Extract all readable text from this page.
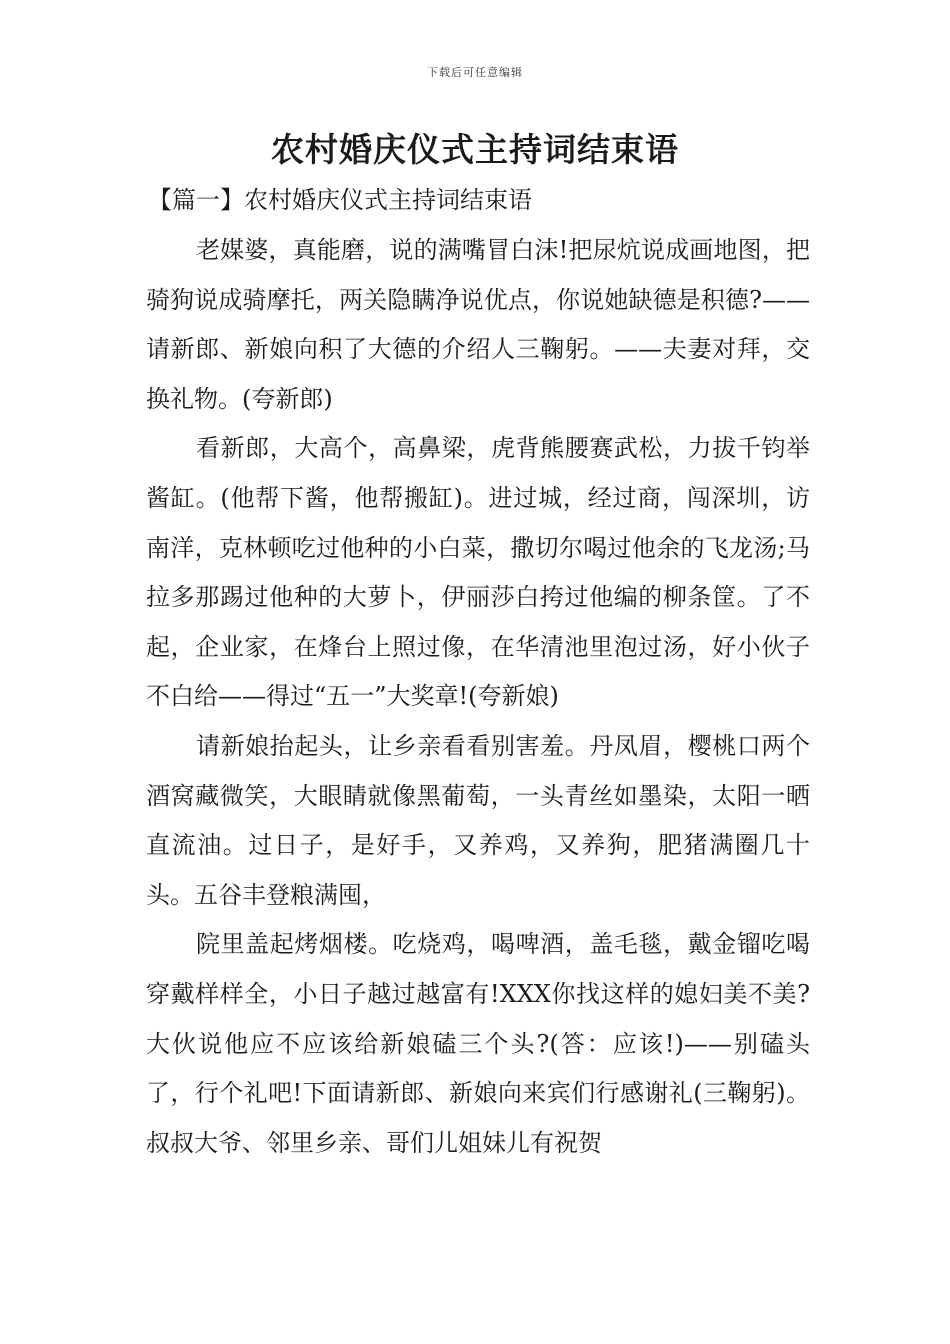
下载后可任意编辑
农村婚庆仪式主持词结束语
【篇一】农村婚庆仪式主持词结束语

老媒婆，真能磨，说的满嘴冒白沫!把尿炕说成画地图，把骑狗说成骑摩托，两关隐瞒净说优点，你说她缺德是积德?——请新郎、新娘向积了大德的介绍人三鞠躬。——夫妻对拜，交换礼物。(夸新郎)

看新郎，大高个，高鼻梁，虎背熊腰赛武松，力拔千钧举酱缸。(他帮下酱，他帮搬缸)。进过城，经过商，闯深圳，访南洋，克林顿吃过他种的小白菜，撒切尔喝过他余的飞龙汤;马拉多那踢过他种的大萝卜，伊丽莎白挎过他编的柳条筐。了不起，企业家，在烽台上照过像，在华清池里泡过汤，好小伙子不白给——得过“五一”大奖章!(夸新娘)

请新娘抬起头，让乡亲看看别害羞。丹凤眉，樱桃口两个酒窝藏微笑，大眼睛就像黑葡萄，一头青丝如墨染，太阳一晒直流油。过日子，是好手，又养鸡，又养狗，肥猪满圈几十头。五谷丰登粮满囤，

院里盖起烤烟楼。吃烧鸡，喝啤酒，盖毛毯，戴金镏吃喝穿戴样样全，小日子越过越富有!XXX你找这样的媳妇美不美?大伙说他应不应该给新娘磕三个头?(答：应该!)——别磕头了，行个礼吧!下面请新郎、新娘向来宾们行感谢礼(三鞠躬)。叔叔大爷、邻里乡亲、哥们儿姐妹儿有祝贺
